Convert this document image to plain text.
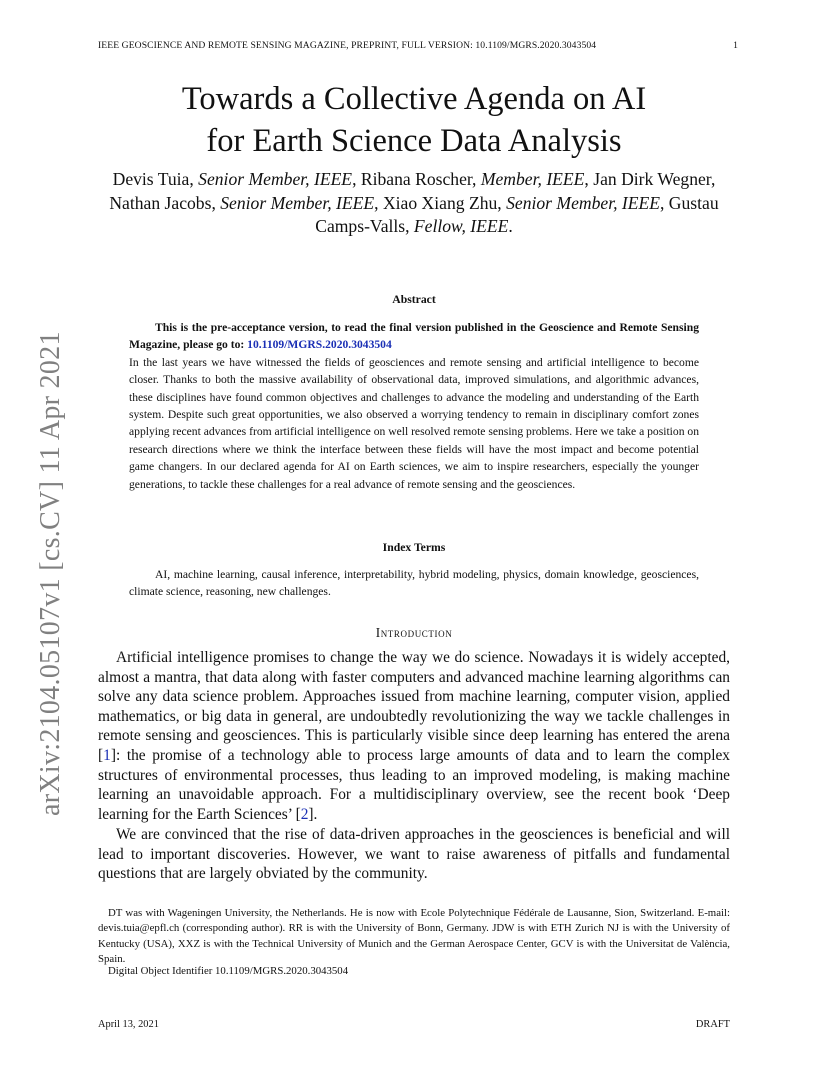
arXiv:2104.05107v1 [cs.CV] 11 Apr 2021
IEEE GEOSCIENCE AND REMOTE SENSING MAGAZINE, PREPRINT, FULL VERSION: 10.1109/MGRS.2020.3043504	1
Towards a Collective Agenda on AI
for Earth Science Data Analysis
Devis Tuia, Senior Member, IEEE, Ribana Roscher, Member, IEEE, Jan Dirk Wegner, Nathan Jacobs, Senior Member, IEEE, Xiao Xiang Zhu, Senior Member, IEEE, Gustau Camps-Valls, Fellow, IEEE.
Abstract
This is the pre-acceptance version, to read the final version published in the Geoscience and Remote Sensing Magazine, please go to: 10.1109/MGRS.2020.3043504
In the last years we have witnessed the fields of geosciences and remote sensing and artificial intelligence to become closer. Thanks to both the massive availability of observational data, improved simulations, and algorithmic advances, these disciplines have found common objectives and challenges to advance the modeling and understanding of the Earth system. Despite such great opportunities, we also observed a worrying tendency to remain in disciplinary comfort zones applying recent advances from artificial intelligence on well resolved remote sensing problems. Here we take a position on research directions where we think the interface between these fields will have the most impact and become potential game changers. In our declared agenda for AI on Earth sciences, we aim to inspire researchers, especially the younger generations, to tackle these challenges for a real advance of remote sensing and the geosciences.
Index Terms
AI, machine learning, causal inference, interpretability, hybrid modeling, physics, domain knowledge, geosciences, climate science, reasoning, new challenges.
Introduction
Artificial intelligence promises to change the way we do science. Nowadays it is widely accepted, almost a mantra, that data along with faster computers and advanced machine learning algorithms can solve any data science problem. Approaches issued from machine learning, computer vision, applied mathematics, or big data in general, are undoubtedly revolutionizing the way we tackle challenges in remote sensing and geosciences. This is particularly visible since deep learning has entered the arena [1]: the promise of a technology able to process large amounts of data and to learn the complex structures of environmental processes, thus leading to an improved modeling, is making machine learning an unavoidable approach. For a multidisciplinary overview, see the recent book ‘Deep learning for the Earth Sciences’ [2].
We are convinced that the rise of data-driven approaches in the geosciences is beneficial and will lead to important discoveries. However, we want to raise awareness of pitfalls and fundamental questions that are largely obviated by the community.
DT was with Wageningen University, the Netherlands. He is now with Ecole Polytechnique Fédérale de Lausanne, Sion, Switzerland. E-mail: devis.tuia@epfl.ch (corresponding author). RR is with the University of Bonn, Germany. JDW is with ETH Zurich NJ is with the University of Kentucky (USA), XXZ is with the Technical University of Munich and the German Aerospace Center, GCV is with the Universitat de València, Spain.
Digital Object Identifier 10.1109/MGRS.2020.3043504
April 13, 2021	DRAFT
